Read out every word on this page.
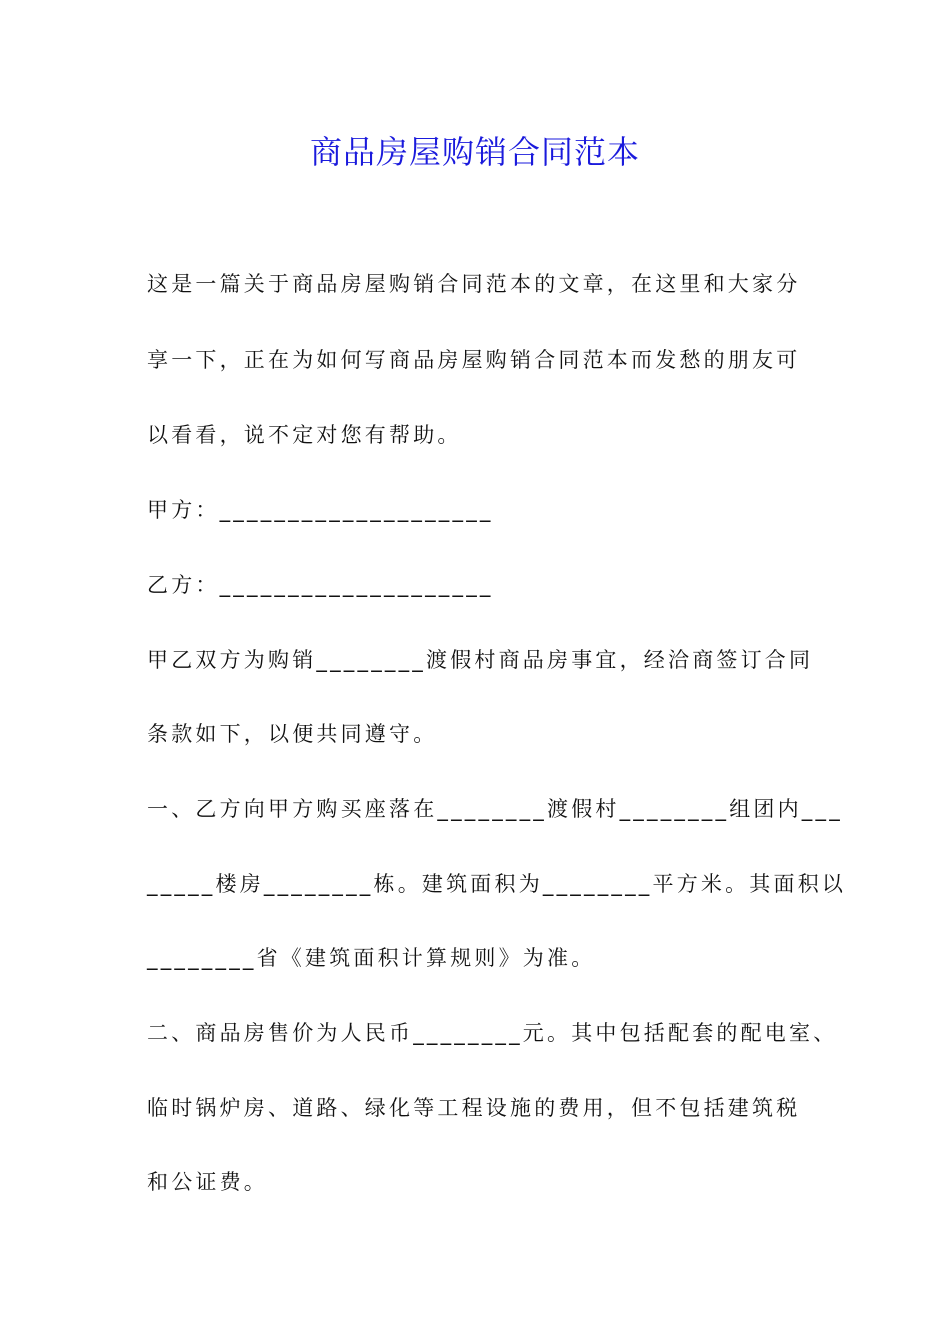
商品房屋购销合同范本

这是一篇关于商品房屋购销合同范本的文章，在这里和大家分

享一下，正在为如何写商品房屋购销合同范本而发愁的朋友可

以看看，说不定对您有帮助。

甲方：____________________

乙方：____________________

甲乙双方为购销________渡假村商品房事宜，经洽商签订合同

条款如下，以便共同遵守。

一、乙方向甲方购买座落在________渡假村________组团内___

_____楼房________栋。建筑面积为________平方米。其面积以

________省《建筑面积计算规则》为准。

二、商品房售价为人民币________元。其中包括配套的配电室、

临时锅炉房、道路、绿化等工程设施的费用，但不包括建筑税

和公证费。
